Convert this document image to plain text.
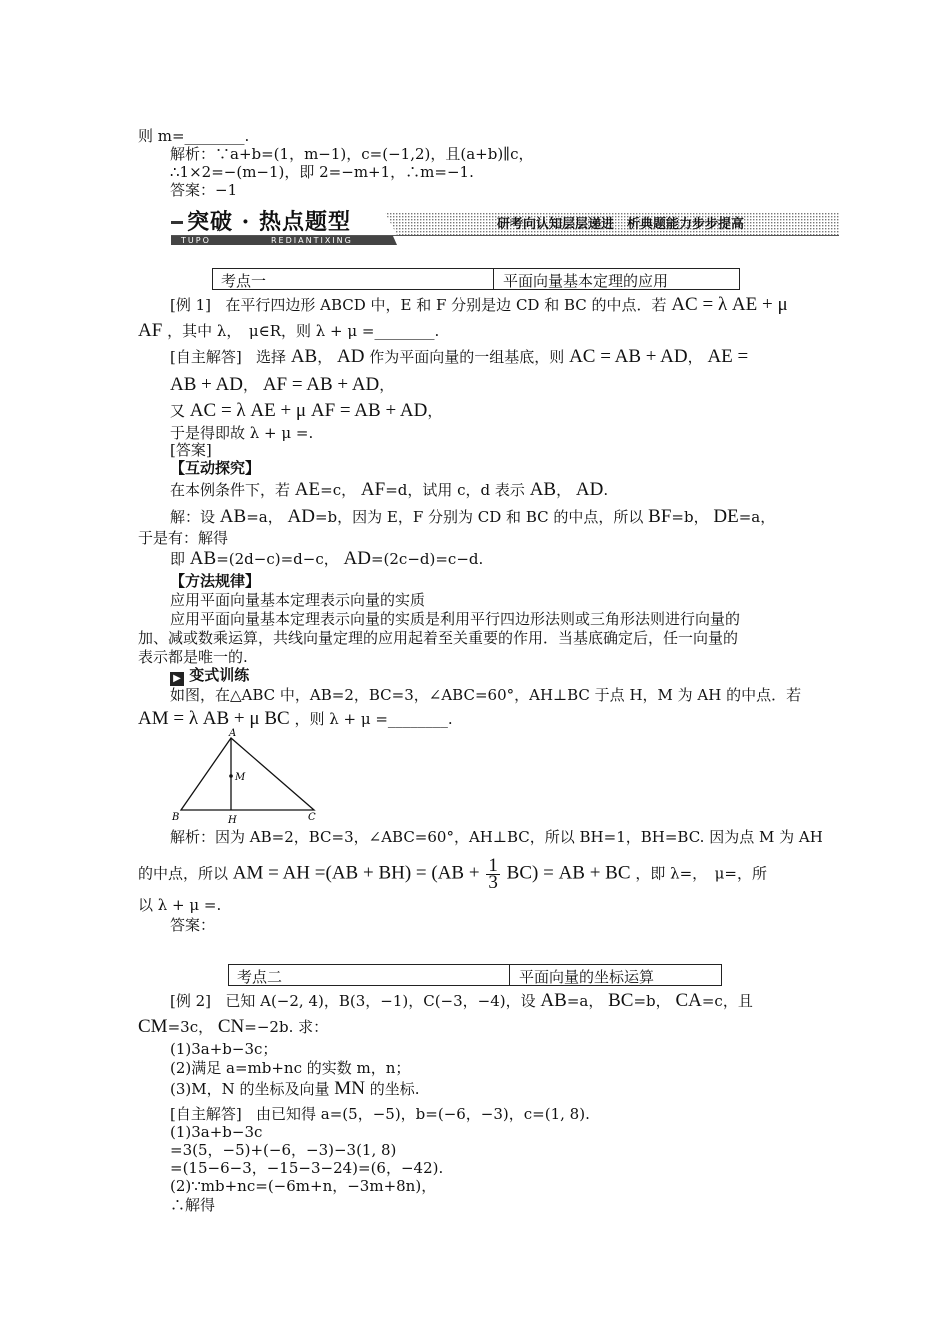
则 m=________.
解析：∵a+b=(1，m−1)，c=(−1,2)，且(a+b)∥c，
∴1×2=−(m−1)，即 2=−m+1，∴m=−1.
答案：−1
突破 · 热点题型
TUPO	REDIANTIXING
研考向认知层层递进　析典题能力步步提高
考点一	平面向量基本定理的应用
[例 1] 在平行四边形 ABCD 中，E 和 F 分别是边 CD 和 BC 的中点．若 AC = λ AE + μ
AF ，其中 λ，　μ∈R，则 λ + μ =________.
[自主解答] 选择 AB， AD 作为平面向量的一组基底，则 AC = AB + AD， AE =
AB + AD， AF = AB + AD，
又 AC = λ AE + μ AF = AB + AD，
于是得即故 λ + μ =.
[答案]
【互动探究】
在本例条件下，若 AE=c， AF=d，试用 c，d 表示 AB， AD.
解：设 AB=a， AD=b，因为 E，F 分别为 CD 和 BC 的中点，所以 BF=b， DE=a，
于是有：解得
即 AB=(2d−c)=d−c， AD=(2c−d)=c−d.
【方法规律】
应用平面向量基本定理表示向量的实质
应用平面向量基本定理表示向量的实质是利用平行四边形法则或三角形法则进行向量的
加、减或数乘运算，共线向量定理的应用起着至关重要的作用．当基底确定后，任一向量的
表示都是唯一的.
▶ 变式训练
如图，在△ABC 中，AB=2，BC=3，∠ABC=60°，AH⊥BC 于点 H，M 为 AH 的中点．若
AM = λ AB + μ BC ，则 λ + μ =________.
A
B	C
H
M
解析：因为 AB=2，BC=3，∠ABC=60°，AH⊥BC，所以 BH=1，BH=BC. 因为点 M 为 AH
的中点，所以 AM = AH $=(AB + BH) = (AB + \frac{1}{3} BC)$ = AB + BC ，即 λ=，　μ=，所
以 λ + μ =.
答案：
考点二	平面向量的坐标运算
[例 2] 已知 A(−2, 4)，B(3，−1)，C(−3，−4)，设 AB=a， BC=b， CA=c，且
CM=3c， CN=−2b. 求：
(1)3a+b−3c；
(2)满足 a=mb+nc 的实数 m，n；
(3)M，N 的坐标及向量 MN 的坐标.
[自主解答] 由已知得 a=(5，−5)，b=(−6，−3)，c=(1, 8).
(1)3a+b−3c
=3(5，−5)+(−6，−3)−3(1, 8)
=(15−6−3，−15−3−24)=(6，−42).
(2)∵mb+nc=(−6m+n，−3m+8n)，
∴解得
